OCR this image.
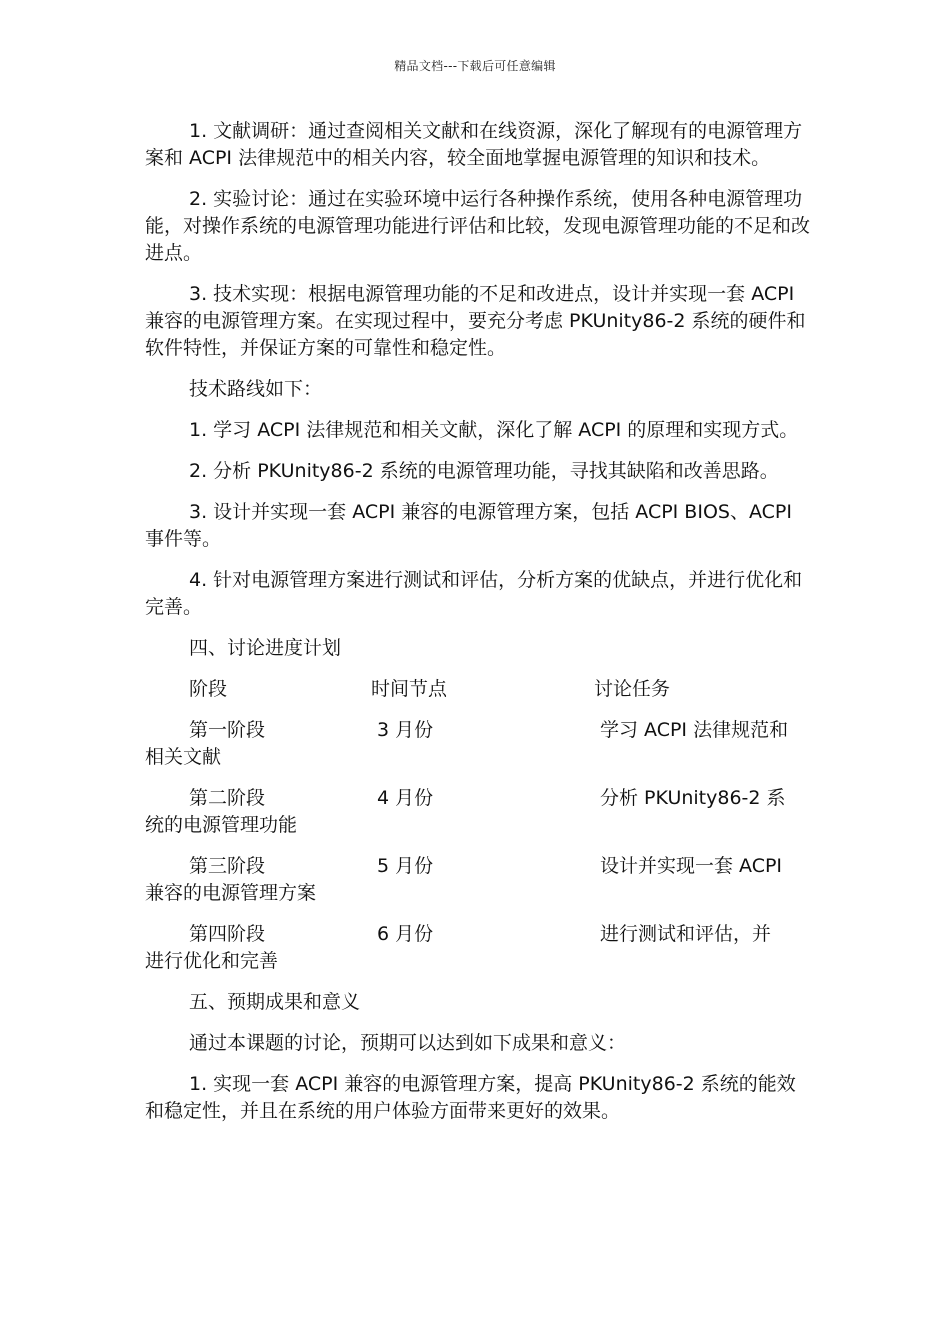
精品文档---下载后可任意编辑

1. 文献调研：通过查阅相关文献和在线资源，深化了解现有的电源管理方案和 ACPI 法律规范中的相关内容，较全面地掌握电源管理的知识和技术。

2. 实验讨论：通过在实验环境中运行各种操作系统，使用各种电源管理功能，对操作系统的电源管理功能进行评估和比较，发现电源管理功能的不足和改进点。

3. 技术实现：根据电源管理功能的不足和改进点，设计并实现一套 ACPI 兼容的电源管理方案。在实现过程中，要充分考虑 PKUnity86-2 系统的硬件和软件特性，并保证方案的可靠性和稳定性。

技术路线如下：

1. 学习 ACPI 法律规范和相关文献，深化了解 ACPI 的原理和实现方式。

2. 分析 PKUnity86-2 系统的电源管理功能，寻找其缺陷和改善思路。

3. 设计并实现一套 ACPI 兼容的电源管理方案，包括 ACPI BIOS、ACPI 事件等。

4. 针对电源管理方案进行测试和评估，分析方案的优缺点，并进行优化和完善。

四、讨论进度计划

阶段	时间节点	讨论任务
第一阶段	3 月份	学习 ACPI 法律规范和
相关文献
第二阶段	4 月份	分析 PKUnity86-2 系
统的电源管理功能
第三阶段	5 月份	设计并实现一套 ACPI
兼容的电源管理方案
第四阶段	6 月份	进行测试和评估，并
进行优化和完善

五、预期成果和意义

通过本课题的讨论，预期可以达到如下成果和意义：

1. 实现一套 ACPI 兼容的电源管理方案，提高 PKUnity86-2 系统的能效和稳定性，并且在系统的用户体验方面带来更好的效果。
